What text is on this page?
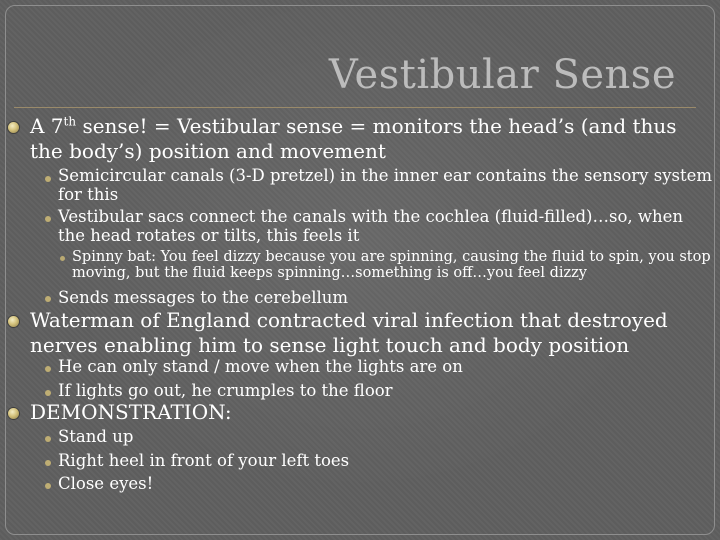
Vestibular Sense
A 7th sense! = Vestibular sense = monitors the head’s (and thus the body’s) position and movement
Semicircular canals (3-D pretzel) in the inner ear contains the sensory system for this
Vestibular sacs connect the canals with the cochlea (fluid-filled)…so, when the head rotates or tilts, this feels it
Spinny bat: You feel dizzy because you are spinning, causing the fluid to spin, you stop moving, but the fluid keeps spinning…something is off…you feel dizzy
Sends messages to the cerebellum
Waterman of England contracted viral infection that destroyed nerves enabling him to sense light touch and body position
He can only stand / move when the lights are on
If lights go out, he crumples to the floor
DEMONSTRATION:
Stand up
Right heel in front of your left toes
Close eyes!
